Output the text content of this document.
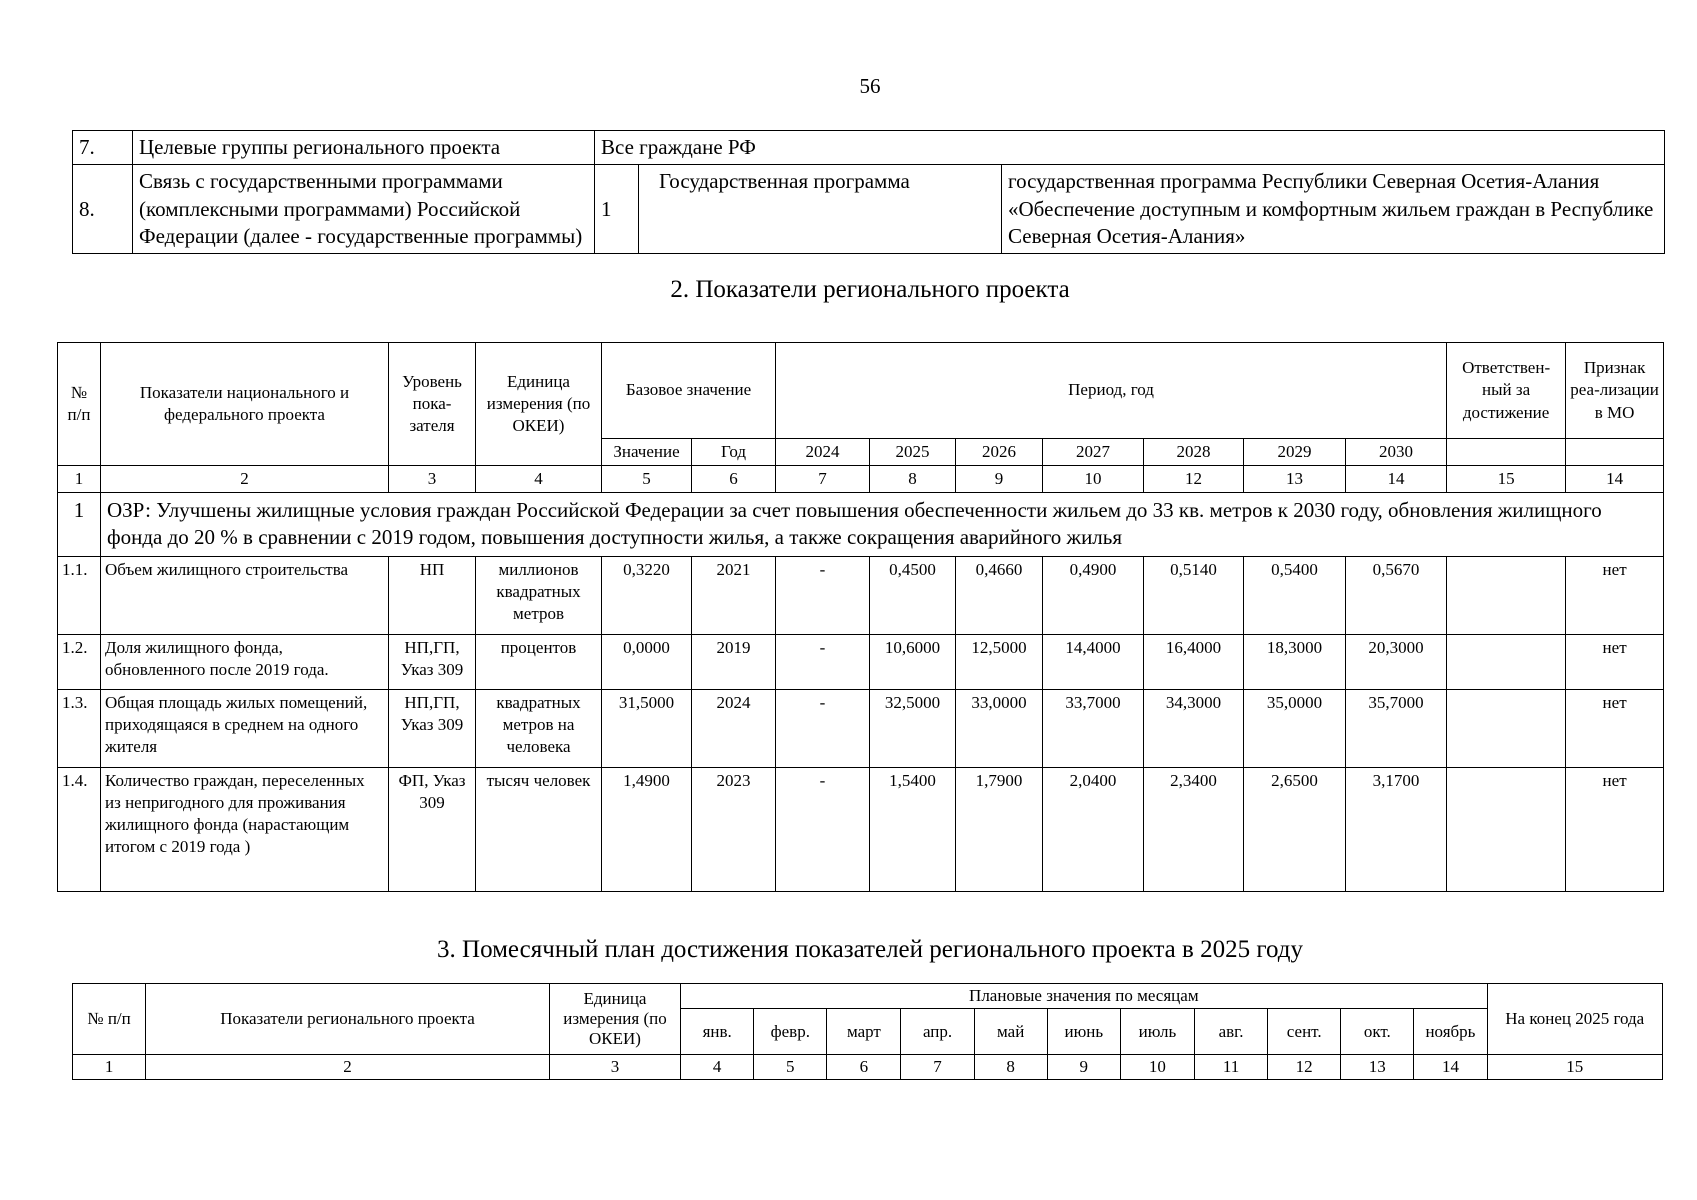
56
7.	Целевые группы регионального проекта	Все граждане РФ		
8.	Связь с государственными программами (комплексными программами) Российской Федерации (далее - государственные программы)	1	Государственная программа	государственная программа Республики Северная Осетия-Алания «Обеспечение доступным и комфортным жильем граждан в Республике Северная Осетия-Алания»
2. Показатели регионального проекта
№ п/п	Показатели национального и федерального проекта	Уровень пока-зателя	Единица измерения (по ОКЕИ)	Базовое значение		Период, год							Ответствен-ный за достижение	Признак реа-лизации в МО
				Значение	Год	2024	2025	2026	2027	2028	2029	2030		
1	2	3	4	5	6	7	8	9	10	12	13	14	15	14
1	ОЗР: Улучшены жилищные условия граждан Российской Федерации за счет повышения обеспеченности жильем до 33 кв. метров к 2030 году, обновления жилищного фонда до 20 % в сравнении с 2019 годом, повышения доступности жилья, а также сокращения аварийного жилья													
1.1.	Объем жилищного строительства	НП	миллионов квадратных метров	0,3220	2021	-	0,4500	0,4660	0,4900	0,5140	0,5400	0,5670		нет
1.2.	Доля жилищного фонда, обновленного после 2019 года.	НП,ГП, Указ 309	процентов	0,0000	2019	-	10,6000	12,5000	14,4000	16,4000	18,3000	20,3000		нет
1.3.	Общая площадь жилых помещений, приходящаяся в среднем на одного жителя	НП,ГП, Указ 309	квадратных метров на человека	31,5000	2024	-	32,5000	33,0000	33,7000	34,3000	35,0000	35,7000		нет
1.4.	Количество граждан, переселенных из непригодного для проживания жилищного фонда (нарастающим итогом с 2019 года )	ФП, Указ 309	тысяч человек	1,4900	2023	-	1,5400	1,7900	2,0400	2,3400	2,6500	3,1700		нет
3. Помесячный план достижения показателей регионального проекта в 2025 году
№ п/п	Показатели регионального проекта	Единица измерения (по ОКЕИ)	Плановые значения по месяцам											На конец 2025 года
			янв.	февр.	март	апр.	май	июнь	июль	авг.	сент.	окт.	ноябрь	
1	2	3	4	5	6	7	8	9	10	11	12	13	14	15
